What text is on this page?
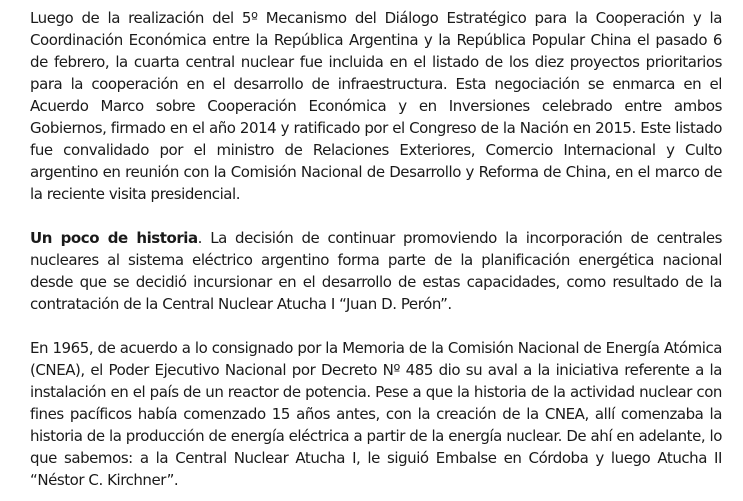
Luego de la realización del 5º Mecanismo del Diálogo Estratégico para la Cooperación y la Coordinación Económica entre la República Argentina y la República Popular China el pasado 6 de febrero, la cuarta central nuclear fue incluida en el listado de los diez proyectos prioritarios para la cooperación en el desarrollo de infraestructura. Esta negociación se enmarca en el Acuerdo Marco sobre Cooperación Económica y en Inversiones celebrado entre ambos Gobiernos, firmado en el año 2014 y ratificado por el Congreso de la Nación en 2015. Este listado fue convalidado por el ministro de Relaciones Exteriores, Comercio Internacional y Culto argentino en reunión con la Comisión Nacional de Desarrollo y Reforma de China, en el marco de la reciente visita presidencial.

Un poco de historia. La decisión de continuar promoviendo la incorporación de centrales nucleares al sistema eléctrico argentino forma parte de la planificación energética nacional desde que se decidió incursionar en el desarrollo de estas capacidades, como resultado de la contratación de la Central Nuclear Atucha I “Juan D. Perón”.

En 1965, de acuerdo a lo consignado por la Memoria de la Comisión Nacional de Energía Atómica (CNEA), el Poder Ejecutivo Nacional por Decreto Nº 485 dio su aval a la iniciativa referente a la instalación en el país de un reactor de potencia. Pese a que la historia de la actividad nuclear con fines pacíficos había comenzado 15 años antes, con la creación de la CNEA, allí comenzaba la historia de la producción de energía eléctrica a partir de la energía nuclear. De ahí en adelante, lo que sabemos: a la Central Nuclear Atucha I, le siguió Embalse en Córdoba y luego Atucha II “Néstor C. Kirchner”.
